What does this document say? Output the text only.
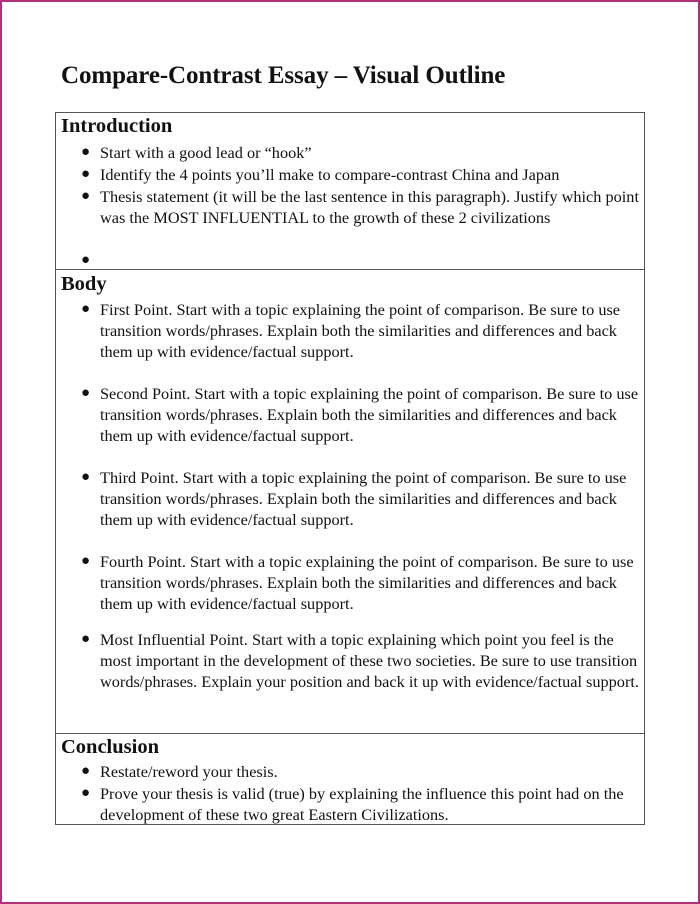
Compare-Contrast Essay – Visual Outline
Introduction
● Start with a good lead or “hook”
● Identify the 4 points you’ll make to compare-contrast China and Japan
● Thesis statement (it will be the last sentence in this paragraph). Justify which point was the MOST INFLUENTIAL to the growth of these 2 civilizations
●
Body
● First Point. Start with a topic explaining the point of comparison. Be sure to use transition words/phrases. Explain both the similarities and differences and back them up with evidence/factual support.
● Second Point. Start with a topic explaining the point of comparison. Be sure to use transition words/phrases. Explain both the similarities and differences and back them up with evidence/factual support.
● Third Point. Start with a topic explaining the point of comparison. Be sure to use transition words/phrases. Explain both the similarities and differences and back them up with evidence/factual support.
● Fourth Point. Start with a topic explaining the point of comparison. Be sure to use transition words/phrases. Explain both the similarities and differences and back them up with evidence/factual support.
● Most Influential Point. Start with a topic explaining which point you feel is the most important in the development of these two societies. Be sure to use transition words/phrases. Explain your position and back it up with evidence/factual support.
Conclusion
● Restate/reword your thesis.
● Prove your thesis is valid (true) by explaining the influence this point had on the development of these two great Eastern Civilizations.
